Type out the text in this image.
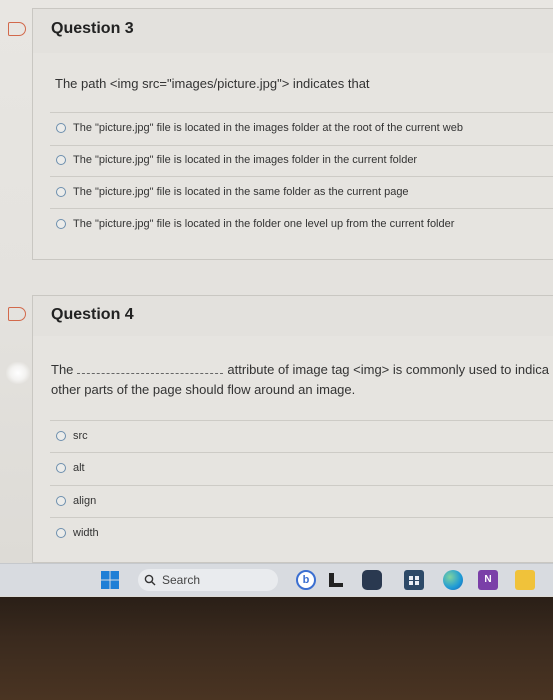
Question 3
The path <img src="images/picture.jpg"> indicates that
The "picture.jpg" file is located in the images folder at the root of the current web
The "picture.jpg" file is located in the images folder in the current folder
The "picture.jpg" file is located in the same folder as the current page
The "picture.jpg" file is located in the folder one level up from the current folder
Question 4
The	attribute of image tag <img> is commonly used to indica
other parts of the page should flow around an image.
src
alt
align
width
Search	b	N
